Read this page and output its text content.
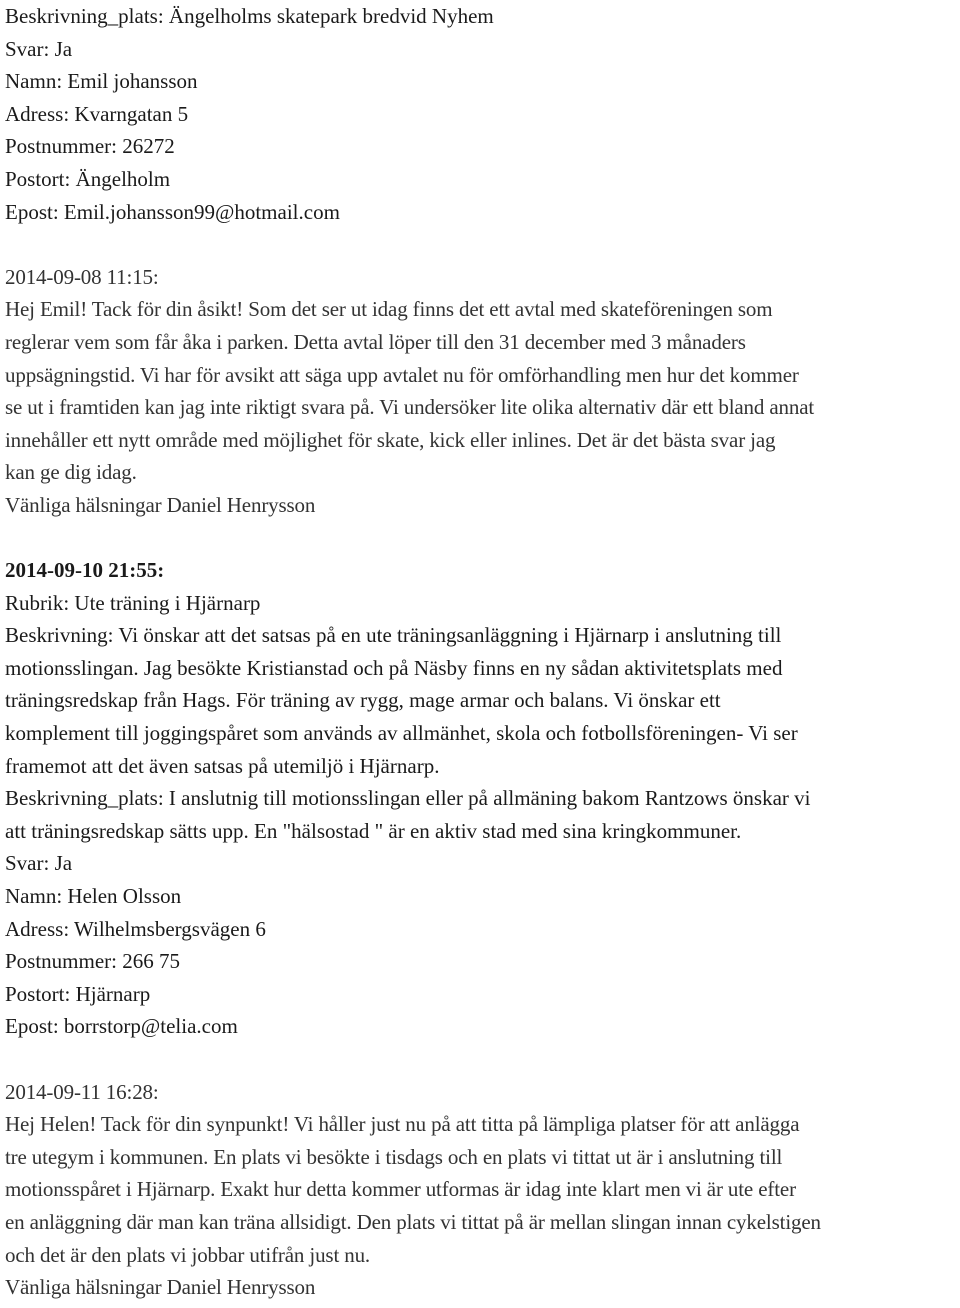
Beskrivning_plats: Ängelholms skatepark bredvid Nyhem
Svar: Ja
Namn: Emil johansson
Adress: Kvarngatan 5
Postnummer: 26272
Postort: Ängelholm
Epost: Emil.johansson99@hotmail.com
2014-09-08 11:15:
Hej Emil! Tack för din åsikt! Som det ser ut idag finns det ett avtal med skateföreningen som
reglerar vem som får åka i parken. Detta avtal löper till den 31 december med 3 månaders
uppsägningstid. Vi har för avsikt att säga upp avtalet nu för omförhandling men hur det kommer
se ut i framtiden kan jag inte riktigt svara på. Vi undersöker lite olika alternativ där ett bland annat
innehåller ett nytt område med möjlighet för skate, kick eller inlines. Det är det bästa svar jag
kan ge dig idag.
Vänliga hälsningar Daniel Henrysson
2014-09-10 21:55:
Rubrik: Ute träning i Hjärnarp
Beskrivning: Vi önskar att det satsas på en ute träningsanläggning i Hjärnarp i anslutning till
motionsslingan. Jag besökte Kristianstad och på Näsby finns en ny sådan aktivitetsplats med
träningsredskap från Hags. För träning av rygg, mage armar och balans. Vi önskar ett
komplement till joggingspåret som används av allmänhet, skola och fotbollsföreningen- Vi ser
framemot att det även satsas på utemiljö i Hjärnarp.
Beskrivning_plats: I anslutnig till motionsslingan eller på allmäning bakom Rantzows önskar vi
att träningsredskap sätts upp. En "hälsostad " är en aktiv stad med sina kringkommuner.
Svar: Ja
Namn: Helen Olsson
Adress: Wilhelmsbergsvägen 6
Postnummer: 266 75
Postort: Hjärnarp
Epost: borrstorp@telia.com
2014-09-11 16:28:
Hej Helen! Tack för din synpunkt! Vi håller just nu på att titta på lämpliga platser för att anlägga
tre utegym i kommunen. En plats vi besökte i tisdags och en plats vi tittat ut är i anslutning till
motionsspåret i Hjärnarp. Exakt hur detta kommer utformas är idag inte klart men vi är ute efter
en anläggning där man kan träna allsidigt. Den plats vi tittat på är mellan slingan innan cykelstigen
och det är den plats vi jobbar utifrån just nu.
Vänliga hälsningar Daniel Henrysson
